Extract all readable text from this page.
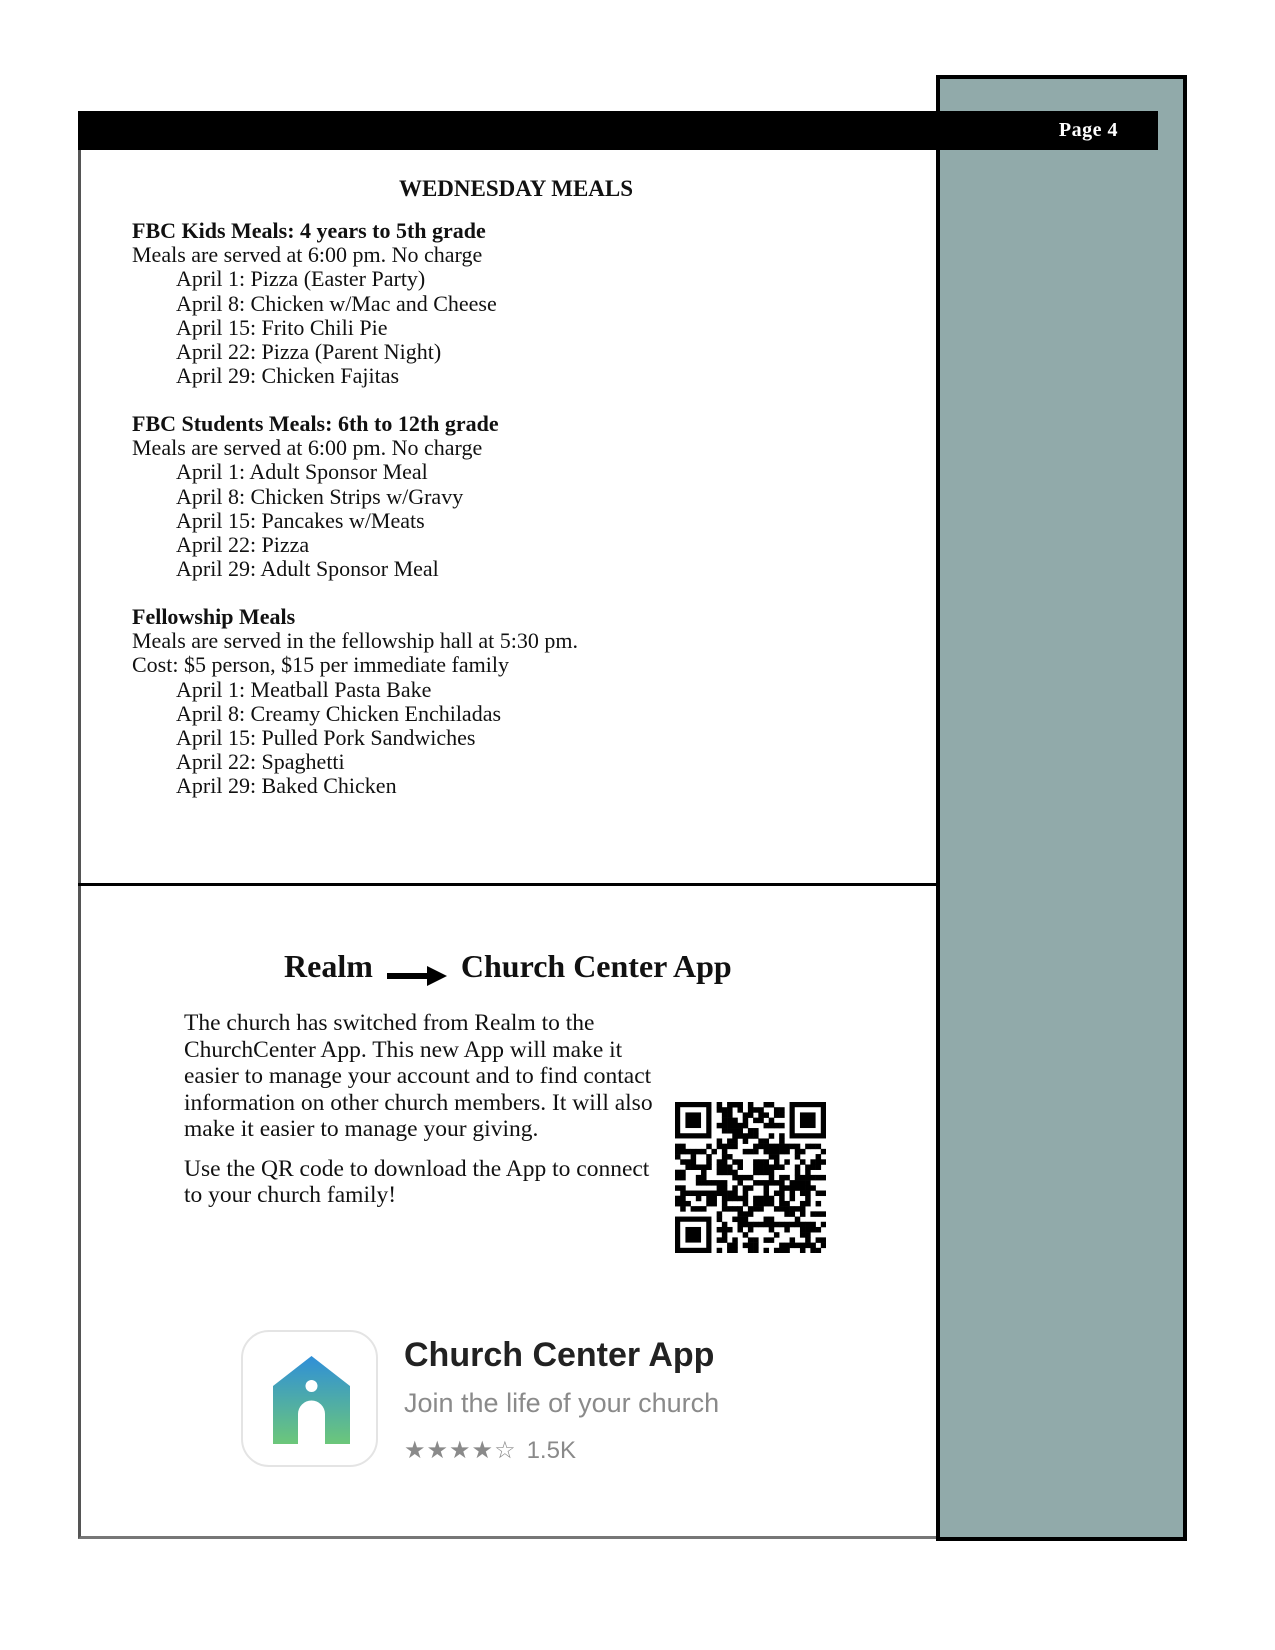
Page 4
WEDNESDAY MEALS
FBC Kids Meals: 4 years to 5th grade
Meals are served at 6:00 pm. No charge
April 1: Pizza (Easter Party)
April 8: Chicken w/Mac and Cheese
April 15: Frito Chili Pie
April 22: Pizza (Parent Night)
April 29: Chicken Fajitas
FBC Students Meals: 6th to 12th grade
Meals are served at 6:00 pm. No charge
April 1: Adult Sponsor Meal
April 8: Chicken Strips w/Gravy
April 15: Pancakes w/Meats
April 22: Pizza
April 29: Adult Sponsor Meal
Fellowship Meals
Meals are served in the fellowship hall at 5:30 pm.
Cost: $5 person, $15 per immediate family
April 1: Meatball Pasta Bake
April 8: Creamy Chicken Enchiladas
April 15: Pulled Pork Sandwiches
April 22: Spaghetti
April 29: Baked Chicken
Realm	Church Center App

The church has switched from Realm to the ChurchCenter App. This new App will make it easier to manage your account and to find contact information on other church members. It will also make it easier to manage your giving.

Use the QR code to download the App to connect to your church family!

Church Center App
Join the life of your church
★★★★☆ 1.5K
